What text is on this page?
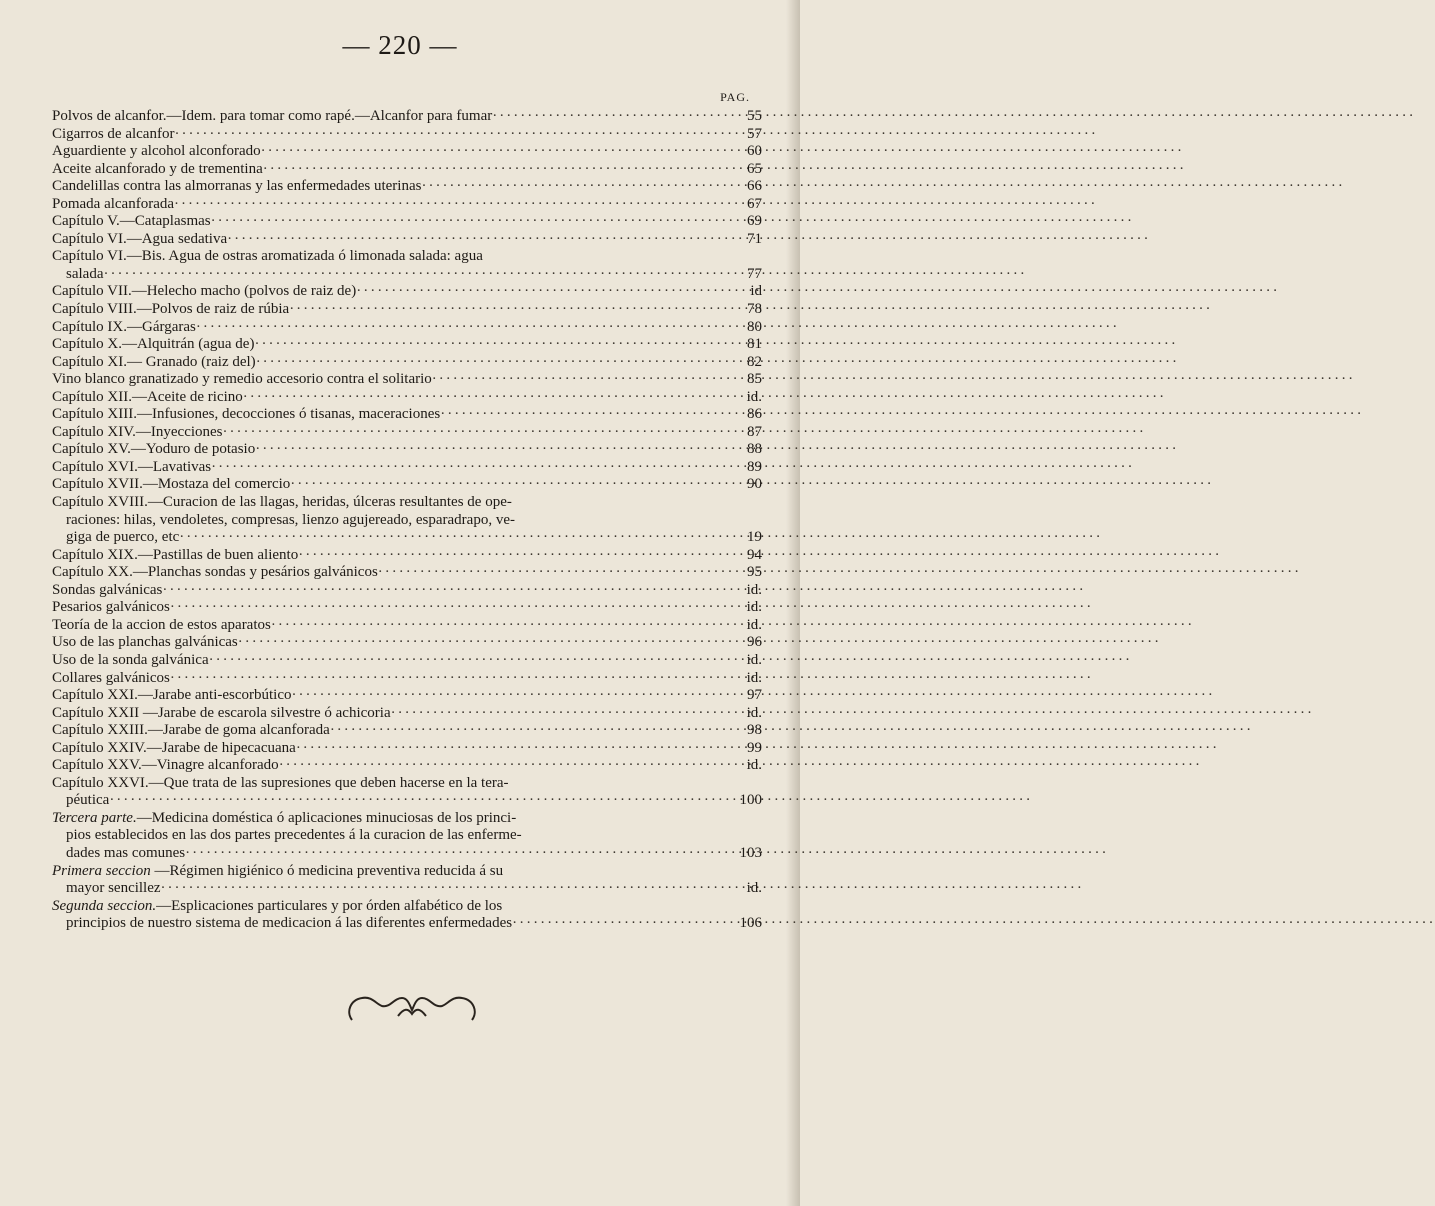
— 220 —
PAG.
Polvos de alcanfor.—Idem. para tomar como rapé.—Alcanfor para fumar ·····	55
Cigarros de alcanfor ·····	57
Aguardiente y alcohol alconforado ·····	60
Aceite alcanforado y de trementina ·····	65
Candelillas contra las almorranas y las enfermedades uterinas ·····	66
Pomada alcanforada ·····	67
Capítulo V.—Cataplasmas ·····	69
Capítulo VI.—Agua sedativa ·····	71
Capítulo VI.—Bis. Agua de ostras aromatizada ó limonada salada: agua
salada ·····	77
Capítulo VII.—Helecho macho (polvos de raiz de) ·····	id
Capítulo VIII.—Polvos de raiz de rúbia ·····	78
Capítulo IX.—Gárgaras ·····	80
Capítulo X.—Alquitrán (agua de) ·····	81
Capítulo XI.— Granado (raiz del) ·····	82
Vino blanco granatizado y remedio accesorio contra el solitario ·····	85
Capítulo XII.—Aceite de ricino ·····	id.
Capítulo XIII.—Infusiones, decocciones ó tisanas, maceraciones ·····	86
Capítulo XIV.—Inyecciones ·····	87
Capítulo XV.—Yoduro de potasio ·····	88
Capítulo XVI.—Lavativas ·····	89
Capítulo XVII.—Mostaza del comercio ·····	90
Capítulo XVIII.—Curacion de las llagas, heridas, úlceras resultantes de ope-
raciones: hilas, vendoletes, compresas, lienzo agujereado, esparadrapo, ve-
giga de puerco, etc ·····	19
Capítulo XIX.—Pastillas de buen aliento ·····	94
Capítulo XX.—Planchas sondas y pesários galvánicos ·····	95
Sondas galvánicas ·····	id.
Pesarios galvánicos ·····	id.
Teoría de la accion de estos aparatos ·····	id.
Uso de las planchas galvánicas ·····	96
Uso de la sonda galvánica ·····	id.
Collares galvánicos ·····	id.
Capítulo XXI.—Jarabe anti-escorbútico ·····	97
Capítulo XXII —Jarabe de escarola silvestre ó achicoria ·····	id.
Capítulo XXIII.—Jarabe de goma alcanforada ·····	98
Capítulo XXIV.—Jarabe de hipecacuana ·····	99
Capítulo XXV.—Vinagre alcanforado ·····	id.
Capítulo XXVI.—Que trata de las supresiones que deben hacerse en la tera-
péutica ·····	100
Tercera parte.—Medicina doméstica ó aplicaciones minuciosas de los princi-
pios establecidos en las dos partes precedentes á la curacion de las enferme-
dades mas comunes ·····	103
Primera seccion —Régimen higiénico ó medicina preventiva reducida á su
mayor sencillez ·····	id.
Segunda seccion.—Esplicaciones particulares y por órden alfabético de los
principios de nuestro sistema de medicacion á las diferentes enfermedades ·····	106
